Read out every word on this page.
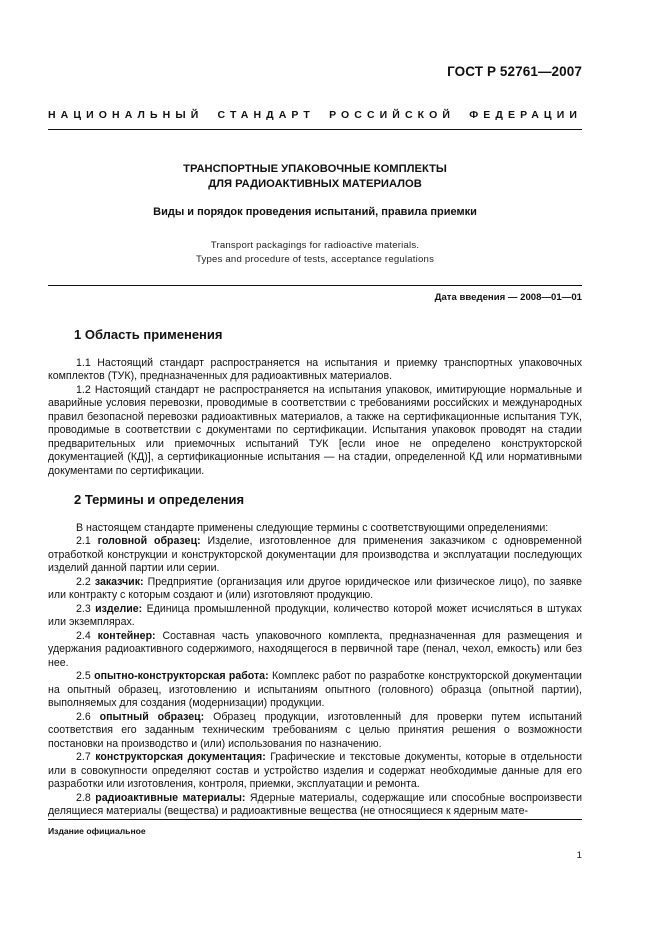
ГОСТ Р 52761—2007
НАЦИОНАЛЬНЫЙ СТАНДАРТ РОССИЙСКОЙ ФЕДЕРАЦИИ
ТРАНСПОРТНЫЕ УПАКОВОЧНЫЕ КОМПЛЕКТЫ
ДЛЯ РАДИОАКТИВНЫХ МАТЕРИАЛОВ
Виды и порядок проведения испытаний, правила приемки
Transport packagings for radioactive materials.
Types and procedure of tests, acceptance regulations
Дата введения — 2008—01—01
1 Область применения

1.1 Настоящий стандарт распространяется на испытания и приемку транспортных упаковочных комплектов (ТУК), предназначенных для радиоактивных материалов.

1.2 Настоящий стандарт не распространяется на испытания упаковок, имитирующие нормальные и аварийные условия перевозки, проводимые в соответствии с требованиями российских и международных правил безопасной перевозки радиоактивных материалов, а также на сертификационные испытания ТУК, проводимые в соответствии с документами по сертификации. Испытания упаковок проводят на стадии предварительных или приемочных испытаний ТУК [если иное не определено конструкторской документацией (КД)], а сертификационные испытания — на стадии, определенной КД или нормативными документами по сертификации.

2 Термины и определения

В настоящем стандарте применены следующие термины с соответствующими определениями:

2.1 головной образец: Изделие, изготовленное для применения заказчиком с одновременной отработкой конструкции и конструкторской документации для производства и эксплуатации последующих изделий данной партии или серии.

2.2 заказчик: Предприятие (организация или другое юридическое или физическое лицо), по заявке или контракту с которым создают и (или) изготовляют продукцию.

2.3 изделие: Единица промышленной продукции, количество которой может исчисляться в штуках или экземплярах.

2.4 контейнер: Составная часть упаковочного комплекта, предназначенная для размещения и удержания радиоактивного содержимого, находящегося в первичной таре (пенал, чехол, емкость) или без нее.

2.5 опытно-конструкторская работа: Комплекс работ по разработке конструкторской документации на опытный образец, изготовлению и испытаниям опытного (головного) образца (опытной партии), выполняемых для создания (модернизации) продукции.

2.6 опытный образец: Образец продукции, изготовленный для проверки путем испытаний соответствия его заданным техническим требованиям с целью принятия решения о возможности постановки на производство и (или) использования по назначению.

2.7 конструкторская документация: Графические и текстовые документы, которые в отдельности или в совокупности определяют состав и устройство изделия и содержат необходимые данные для его разработки или изготовления, контроля, приемки, эксплуатации и ремонта.

2.8 радиоактивные материалы: Ядерные материалы, содержащие или способные воспроизвести делящиеся материалы (вещества) и радиоактивные вещества (не относящиеся к ядерным мате-

Издание официальное
1
